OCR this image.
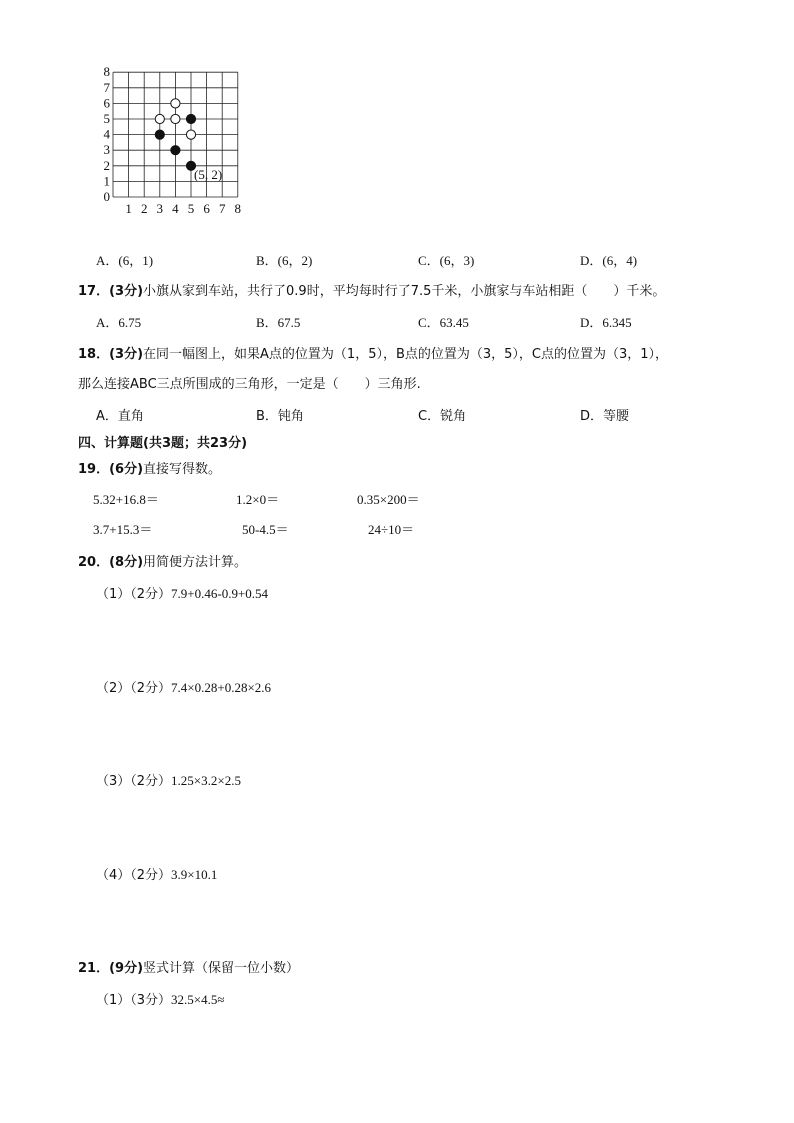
8
7
6
5
4
3
2
1
0
1 2 3 4 5 6 7 8
(5, 2)
A．(6，1)	B．(6，2)	C．(6，3)	D．(6，4)
17．(3分)小旗从家到车站，共行了0.9时，平均每时行了7.5千米，小旗家与车站相距（　　）千米。
A．6.75	B．67.5	C．63.45	D．6.345
18．(3分)在同一幅图上，如果A点的位置为（1，5），B点的位置为（3，5），C点的位置为（3，1），
那么连接ABC三点所围成的三角形，一定是（　　）三角形.
A．直角	B．钝角	C．锐角	D．等腰
四、计算题(共3题；共23分)
19．(6分)直接写得数。
5.32+16.8＝	1.2×0＝	0.35×200＝
3.7+15.3＝	50-4.5＝	24÷10＝
20．(8分)用简便方法计算。
（1）（2分）7.9+0.46-0.9+0.54
（2）（2分）7.4×0.28+0.28×2.6
（3）（2分）1.25×3.2×2.5
（4）（2分）3.9×10.1
21．(9分)竖式计算（保留一位小数）
（1）（3分）32.5×4.5≈
